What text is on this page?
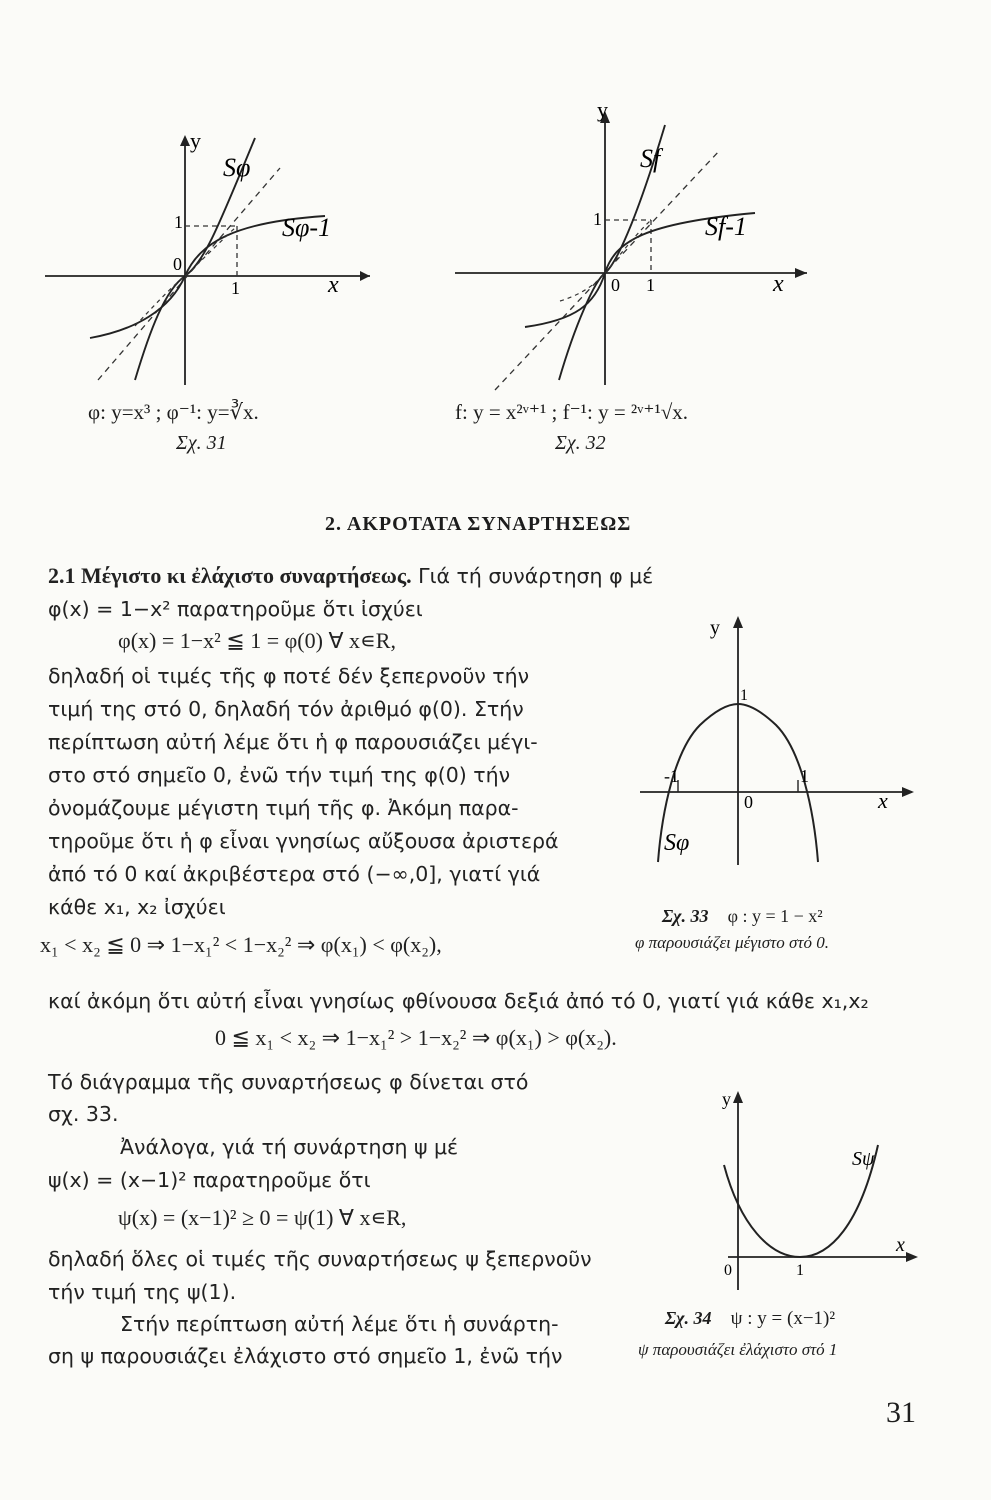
y
x
0
1
1
Sφ
Sφ-1
φ: y=x³ ; φ⁻¹: y=∛x.
Σχ. 31
y
x
0 1
1
Sf
Sf-1
f: y = x²ᵛ⁺¹ ; f⁻¹: y = ²ᵛ⁺¹√x.
Σχ. 32
2. ΑΚΡΟΤΑΤΑ ΣΥΝΑΡΤΗΣΕΩΣ
2.1 Μέγιστο κι ἐλάχιστο συναρτήσεως. Γιά τή συνάρτηση φ μέ
φ(x) = 1−x² παρατηροῦμε ὅτι ἰσχύει
φ(x) = 1−x² ≦ 1 = φ(0) ∀ x∊R,
δηλαδή οἱ τιμές τῆς φ ποτέ δέν ξεπερνοῦν τήν
τιμή της στό 0, δηλαδή τόν ἀριθμό φ(0). Στήν
περίπτωση αὐτή λέμε ὅτι ἡ φ παρουσιάζει μέγι-
στο στό σημεῖο 0, ἐνῶ τήν τιμή της φ(0) τήν
ὀνομάζουμε μέγιστη τιμή τῆς φ. Ἀκόμη παρα-
τηροῦμε ὅτι ἡ φ εἶναι γνησίως αὔξουσα ἀριστερά
ἀπό τό 0 καί ἀκριβέστερα στό (−∞,0], γιατί γιά
κάθε x₁, x₂ ἰσχύει
x₁ < x₂ ≦ 0 ⇒ 1−x₁² < 1−x₂² ⇒ φ(x₁) < φ(x₂),
y
x
0
-1	1
1
Sφ
Σχ. 33 φ : y = 1 − x²
φ παρουσιάζει μέγιστο στό 0.
καί ἀκόμη ὅτι αὐτή εἶναι γνησίως φθίνουσα δεξιά ἀπό τό 0, γιατί γιά κάθε x₁,x₂
0 ≦ x₁ < x₂ ⇒ 1−x₁² > 1−x₂² ⇒ φ(x₁) > φ(x₂).
Τό διάγραμμα τῆς συναρτήσεως φ δίνεται στό
σχ. 33.
Ἀνάλογα, γιά τή συνάρτηση ψ μέ
ψ(x) = (x−1)² παρατηροῦμε ὅτι
ψ(x) = (x−1)² ≥ 0 = ψ(1) ∀ x∊R,
δηλαδή ὅλες οἱ τιμές τῆς συναρτήσεως ψ ξεπερνοῦν
τήν τιμή της ψ(1).
Στήν περίπτωση αὐτή λέμε ὅτι ἡ συνάρτη-
ση ψ παρουσιάζει ἐλάχιστο στό σημεῖο 1, ἐνῶ τήν
y
x
0	1
Sψ
Σχ. 34 ψ : y = (x−1)²
ψ παρουσιάζει ἐλάχιστο στό 1
31
